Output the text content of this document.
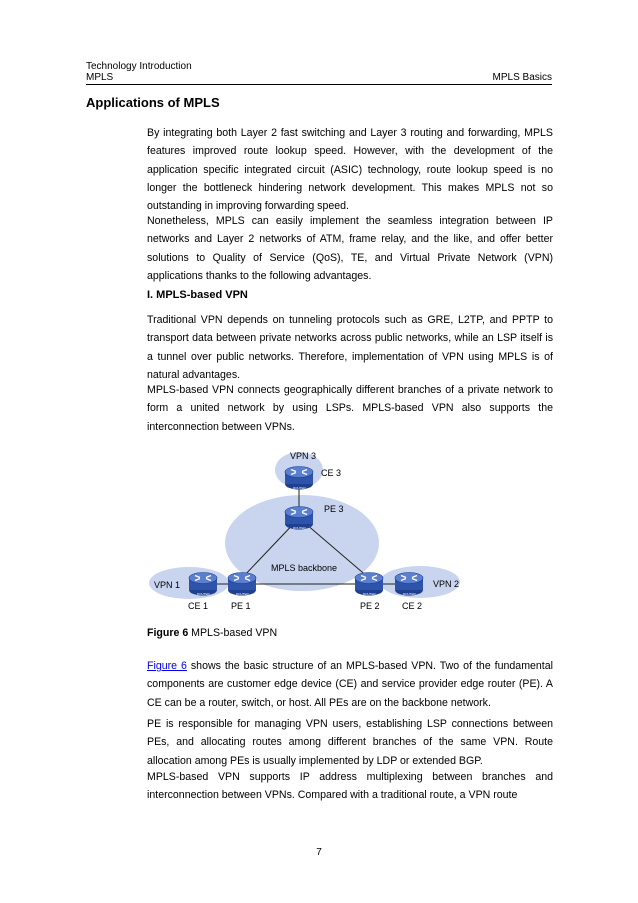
Technology Introduction
MPLS	MPLS Basics
Applications of MPLS

By integrating both Layer 2 fast switching and Layer 3 routing and forwarding, MPLS features improved route lookup speed. However, with the development of the application specific integrated circuit (ASIC) technology, route lookup speed is no longer the bottleneck hindering network development. This makes MPLS not so outstanding in improving forwarding speed.

Nonetheless, MPLS can easily implement the seamless integration between IP networks and Layer 2 networks of ATM, frame relay, and the like, and offer better solutions to Quality of Service (QoS), TE, and Virtual Private Network (VPN) applications thanks to the following advantages.

I. MPLS-based VPN

Traditional VPN depends on tunneling protocols such as GRE, L2TP, and PPTP to transport data between private networks across public networks, while an LSP itself is a tunnel over public networks. Therefore, implementation of VPN using MPLS is of natural advantages.

MPLS-based VPN connects geographically different branches of a private network to form a united network by using LSPs. MPLS-based VPN also supports the interconnection between VPNs.

ROUTER
ROUTER
ROUTER	ROUTER	ROUTER	ROUTER
VPN 3
CE 3
PE 3
MPLS backbone
VPN 1	VPN 2
CE 1	PE 1	PE 2 CE 2
Figure 6 MPLS-based VPN

Figure 6 shows the basic structure of an MPLS-based VPN. Two of the fundamental components are customer edge device (CE) and service provider edge router (PE). A CE can be a router, switch, or host. All PEs are on the backbone network.

PE is responsible for managing VPN users, establishing LSP connections between PEs, and allocating routes among different branches of the same VPN. Route allocation among PEs is usually implemented by LDP or extended BGP.

MPLS-based VPN supports IP address multiplexing between branches and interconnection between VPNs. Compared with a traditional route, a VPN route

7
